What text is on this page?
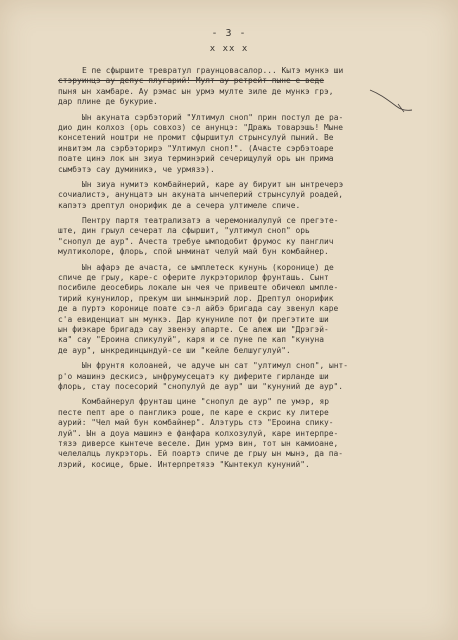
- 3 -
x xx x
Е пе сфыршите тревратул граунцовасалор... Кытэ мункэ ши
стэруинцэ ау депус плугарий! Мулт ау ретрейт пыне е веде
пыня ын хамбаре. Ау рэмас ын урмэ мулте зиле де мункэ грэ,
дар плине де букурие.
Ын акуната сэрбэторий "Ултимул сноп" прин постул де ра-
дио дин колхоз (орь совхоз) се анунцэ: "Дражь товарэшь! Мыне
консетений ноштри не промит сфыршитул стрынсулуй пыний. Ве
инвитэм ла сэрбэторирэ "Ултимул сноп!". (Ачасте сэрбэтоаре
поате цинэ лок ын зиуа терминэрий сечерищулуй орь ын прима
сымбэтэ сау думиникэ, че урмязэ).
Ын зиуа нумитэ комбайнерий, каре ау бируит ын ынтречерэ
сочиалистэ, анунцатэ ын акуната ынчеперий стрынсулуй роадей,
капэтэ дрептул онорифик де а сечера ултимеле спиче.
Пентру партя театрализатэ а черемониалулуй се прегэте-
ште, дин грыул сечерат ла сфыршит, "ултимул сноп" орь
"снопул де аур". Ачеста требуе ымподобит фрумос ку панглич
мултиколоре, флорь, спой ынминат челуй май бун комбайнер.
Ын афарэ де ачаста, се ымплетеск кунунь (коронице) де
спиче де грыу, каре-с оферите лукрэторилор фрунташь. Сынт
посибиле деосебирь локале ын чея че привеште обичеюл ымпле-
тирий кунунилор, прекум ши ынмынэрий лор. Дрептул онорифик
де а пуртэ коронице поате сэ-л айбэ бригада сау звенул каре
с'а евиденциат ын мункэ. Дар кунуниле пот фи прегэтите ши
ын фиэкаре бригадэ сау звенэу апарте. Се алеж ши "Дрэгэй-
ка" сау "Ероина спикулуй", каря и се пуне пе кап "кунуна
де аур", ынкрединцындуй-се ши "кейле белшугулуй".
Ын фрунтя колоаней, че адуче ын сат "ултимул сноп", ынт-
р'о машинэ дескисэ, ынфрумусецатэ ку диферите гирланде ши
флорь, стау посесорий "снопулуй де аур" ши "кунуний де аур".
Комбайнерул фрунташ цине "снопул де аур" пе умэр, яр
песте пепт аре о пангликэ роше, пе каре е скрис ку литере
аурий: "Чел май бун комбайнер". Алэтурь стэ "Ероина спику-
луй". Ын а доуа машинэ е фанфара колхозулуй, каре интерпре-
тязэ диверсе кынтече веселе. Дин урмэ вин, тот ын камиоане,
челелалць лукрэторь. Ей поартэ спиче де грыу ын мынэ, да па-
лэрий, косице, брые. Интерпретязэ "Кынтекул кунуний".
